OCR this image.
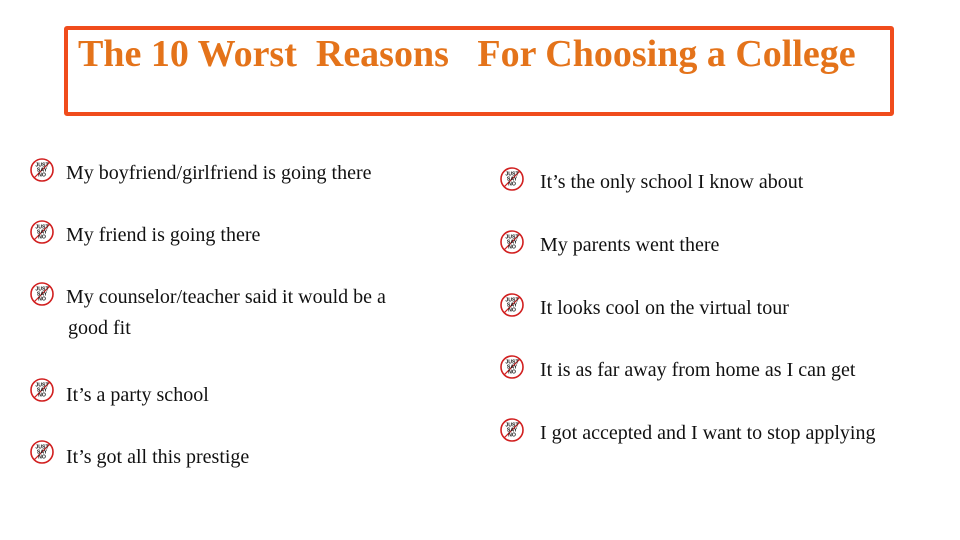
The 10 Worst  Reasons   For Choosing a College
JUST
SAY
NO My boyfriend/girlfriend is going there
JUST
SAY
NO My friend is going there
JUST
SAY
NO My counselor/teacher said it would be a
good fit
JUST
SAY
NO It’s a party school
JUST
SAY
NO It’s got all this prestige
JUST
SAY
NO It’s the only school I know about
JUST
SAY
NO My parents went there
JUST
SAY
NO It looks cool on the virtual tour
JUST
SAY
NO It is as far away from home as I can get
JUST
SAY
NO I got accepted and I want to stop applying
